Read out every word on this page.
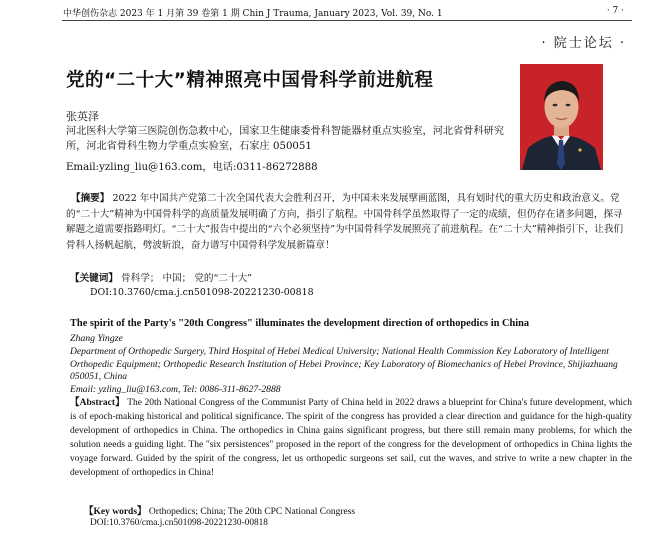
中华创伤杂志 2023 年 1 月第 39 卷第 1 期 Chin J Trauma, January 2023, Vol. 39, No. 1	· 7 ·
· 院士论坛 ·
党的“二十大”精神照亮中国骨科学前进航程
张英泽
河北医科大学第三医院创伤急救中心，国家卫生健康委骨科智能器材重点实验室，河北省骨科研究所，河北省骨科生物力学重点实验室，石家庄 050051
Email:yzling_liu@163.com，电话:0311-86272888
【摘要】 2022 年中国共产党第二十次全国代表大会胜利召开，为中国未来发展擘画蓝图，具有划时代的重大历史和政治意义。党的“二十大”精神为中国骨科学的高质量发展明确了方向，指引了航程。中国骨科学虽然取得了一定的成绩，但仍存在诸多问题，探寻解题之道需要指路明灯。“二十大”报告中提出的“六个必须坚持”为中国骨科学发展照亮了前进航程。在“二十大”精神指引下，让我们骨科人扬帆起航，劈波斩浪，奋力谱写中国骨科学发展新篇章！
【关键词】 骨科学； 中国； 党的“二十大”
DOI:10.3760/cma.j.cn501098-20221230-00818
The spirit of the Party's "20th Congress" illuminates the development direction of orthopedics in China
Zhang Yingze
Department of Orthopedic Surgery, Third Hospital of Hebei Medical University; National Health Commission Key Laboratory of Intelligent Orthopedic Equipment; Orthopedic Research Institution of Hebei Province; Key Laboratory of Biomechanics of Hebei Province, Shijiazhuang 050051, China
Email: yzling_liu@163.com, Tel: 0086-311-8627-2888
【Abstract】 The 20th National Congress of the Communist Party of China held in 2022 draws a blueprint for China's future development, which is of epoch-making historical and political significance. The spirit of the congress has provided a clear direction and guidance for the high-quality development of orthopedics in China. The orthopedics in China gains significant progress, but there still remain many problems, for which the solution needs a guiding light. The "six persistences" proposed in the report of the congress for the development of orthopedics in China lights the voyage forward. Guided by the spirit of the congress, let us orthopedic surgeons set sail, cut the waves, and strive to write a new chapter in the development of orthopedics in China!
【Key words】 Orthopedics; China; The 20th CPC National Congress
DOI:10.3760/cma.j.cn501098-20221230-00818
